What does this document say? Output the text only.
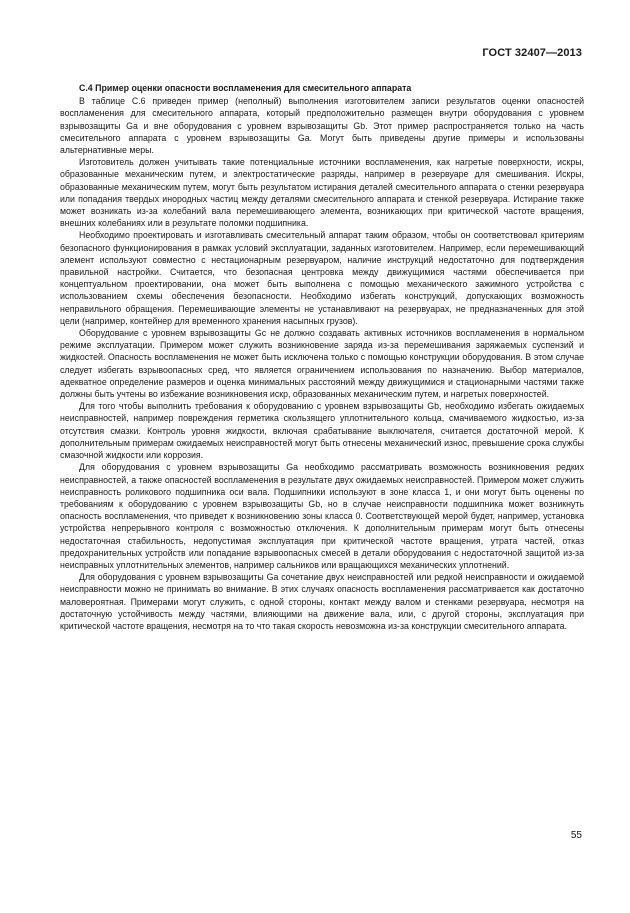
ГОСТ 32407—2013
С.4 Пример оценки опасности воспламенения для смесительного аппарата

В таблице С.6 приведен пример (неполный) выполнения изготовителем записи результатов оценки опасностей воспламенения для смесительного аппарата, который предположительно размещен внутри оборудования с уровнем взрывозащиты Ga и вне оборудования с уровнем взрывозащиты Gb. Этот пример распространяется только на часть смесительного аппарата с уровнем взрывозащиты Ga. Могут быть приведены другие примеры и использованы альтернативные меры.

Изготовитель должен учитывать такие потенциальные источники воспламенения, как нагретые поверхности, искры, образованные механическим путем, и электростатические разряды, например в резервуаре для смешивания. Искры, образованные механическим путем, могут быть результатом истирания деталей смесительного аппарата о стенки резервуара или попадания твердых инородных частиц между деталями смесительного аппарата и стенкой резервуара. Истирание также может возникать из-за колебаний вала перемешивающего элемента, возникающих при критической частоте вращения, внешних колебаниях или в результате поломки подшипника.

Необходимо проектировать и изготавливать смесительный аппарат таким образом, чтобы он соответствовал критериям безопасного функционирования в рамках условий эксплуатации, заданных изготовителем. Например, если перемешивающий элемент используют совместно с нестационарным резервуаром, наличие инструкций недостаточно для подтверждения правильной настройки. Считается, что безопасная центровка между движущимися частями обеспечивается при концептуальном проектировании, она может быть выполнена с помощью механического зажимного устройства с использованием схемы обеспечения безопасности. Необходимо избегать конструкций, допускающих возможность неправильного обращения. Перемешивающие элементы не устанавливают на резервуарах, не предназначенных для этой цели (например, контейнер для временного хранения насыпных грузов).

Оборудование с уровнем взрывозащиты Gc не должно создавать активных источников воспламенения в нормальном режиме эксплуатации. Примером может служить возникновение заряда из-за перемешивания заряжаемых суспензий и жидкостей. Опасность воспламенения не может быть исключена только с помощью конструкции оборудования. В этом случае следует избегать взрывоопасных сред, что является ограничением использования по назначению. Выбор материалов, адекватное определение размеров и оценка минимальных расстояний между движущимися и стационарными частями также должны быть учтены во избежание возникновения искр, образованных механическим путем, и нагретых поверхностей.

Для того чтобы выполнить требования к оборудованию с уровнем взрывозащиты Gb, необходимо избегать ожидаемых неисправностей, например повреждения герметика скользящего уплотнительного кольца, смачиваемого жидкостью, из-за отсутствия смазки. Контроль уровня жидкости, включая срабатывание выключателя, считается достаточной мерой. К дополнительным примерам ожидаемых неисправностей могут быть отнесены механический износ, превышение срока службы смазочной жидкости или коррозия.

Для оборудования с уровнем взрывозащиты Ga необходимо рассматривать возможность возникновения редких неисправностей, а также опасностей воспламенения в результате двух ожидаемых неисправностей. Примером может служить неисправность роликового подшипника оси вала. Подшипники используют в зоне класса 1, и они могут быть оценены по требованиям к оборудованию с уровнем взрывозащиты Gb, но в случае неисправности подшипника может возникнуть опасность воспламенения, что приведет к возникновению зоны класса 0. Соответствующей мерой будет, например, установка устройства непрерывного контроля с возможностью отключения. К дополнительным примерам могут быть отнесены недостаточная стабильность, недопустимая эксплуатация при критической частоте вращения, утрата частей, отказ предохранительных устройств или попадание взрывоопасных смесей в детали оборудования с недостаточной защитой из-за неисправных уплотнительных элементов, например сальников или вращающихся механических уплотнений.

Для оборудования с уровнем взрывозащиты Ga сочетание двух неисправностей или редкой неисправности и ожидаемой неисправности можно не принимать во внимание. В этих случаях опасность воспламенения рассматривается как достаточно маловероятная. Примерами могут служить, с одной стороны, контакт между валом и стенками резервуара, несмотря на достаточную устойчивость между частями, влияющими на движение вала, или, с другой стороны, эксплуатация при критической частоте вращения, несмотря на то что такая скорость невозможна из-за конструкции смесительного аппарата.

55
